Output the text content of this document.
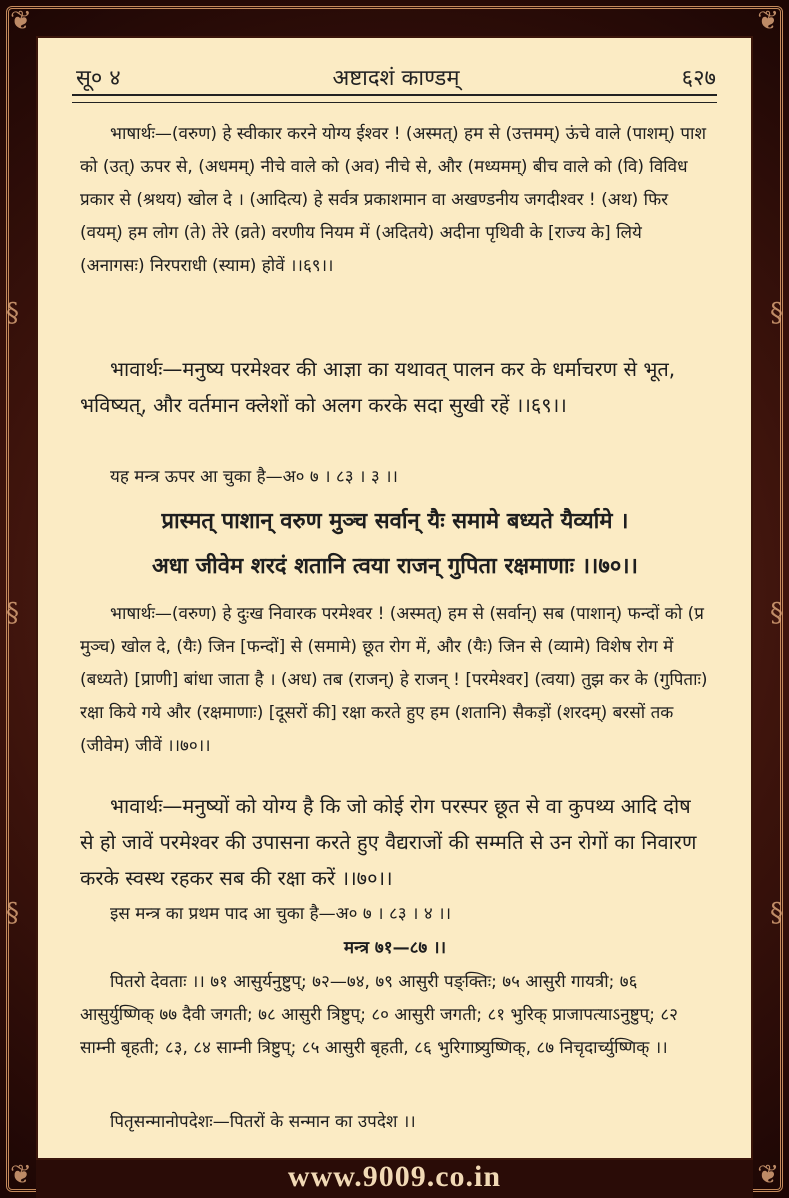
❦	❦
❦	❦
§
§
§
§
§
§
सू० ४	अष्टादशं काण्डम्	६२७

भाषार्थः—(वरुण) हे स्वीकार करने योग्य ईश्वर ! (अस्मत्) हम से (उत्तमम्) ऊंचे वाले (पाशम्) पाश को (उत्) ऊपर से, (अधमम्) नीचे वाले को (अव) नीचे से, और (मध्यमम्) बीच वाले को (वि) विविध प्रकार से (श्रथय) खोल दे । (आदित्य) हे सर्वत्र प्रकाशमान वा अखण्डनीय जगदीश्वर ! (अथ) फिर (वयम्) हम लोग (ते) तेरे (व्रते) वरणीय नियम में (अदितये) अदीना पृथिवी के [राज्य के] लिये (अनागसः) निरपराधी (स्याम) होवें ।।६९।।

भावार्थः—मनुष्य परमेश्वर की आज्ञा का यथावत् पालन कर के धर्माचरण से भूत, भविष्यत्, और वर्तमान क्लेशों को अलग करके सदा सुखी रहें ।।६९।।

यह मन्त्र ऊपर आ चुका है—अ० ७ । ८३ । ३ ।।

प्रास्मत् पाशान् वरुण मुञ्च सर्वान् यैः समामे बध्यते यैर्व्यामे ।

अधा जीवेम शरदं शतानि त्वया राजन् गुपिता रक्षमाणाः ।।७०।।

भाषार्थः—(वरुण) हे दुःख निवारक परमेश्वर ! (अस्मत्) हम से (सर्वान्) सब (पाशान्) फन्दों को (प्र मुञ्च) खोल दे, (यैः) जिन [फन्दों] से (समामे) छूत रोग में, और (यैः) जिन से (व्यामे) विशेष रोग में (बध्यते) [प्राणी] बांधा जाता है । (अध) तब (राजन्) हे राजन् ! [परमेश्वर] (त्वया) तुझ कर के (गुपिताः) रक्षा किये गये और (रक्षमाणाः) [दूसरों की] रक्षा करते हुए हम (शतानि) सैकड़ों (शरदम्) बरसों तक (जीवेम) जीवें ।।७०।।

भावार्थः—मनुष्यों को योग्य है कि जो कोई रोग परस्पर छूत से वा कुपथ्य आदि दोष से हो जावें परमेश्वर की उपासना करते हुए वैद्यराजों की सम्मति से उन रोगों का निवारण करके स्वस्थ रहकर सब की रक्षा करें ।।७०।।

इस मन्त्र का प्रथम पाद आ चुका है—अ० ७ । ८३ । ४ ।।

मन्त्र ७१—८७ ।।

पितरो देवताः ।। ७१ आसुर्यनुष्टुप्; ७२—७४, ७९ आसुरी पङ्क्तिः; ७५ आसुरी गायत्री; ७६ आसुर्युष्णिक् ७७ दैवी जगती; ७८ आसुरी त्रिष्टुप्; ८० आसुरी जगती; ८१ भुरिक् प्राजापत्याऽनुष्टुप्; ८२ साम्नी बृहती; ८३, ८४ साम्नी त्रिष्टुप्; ८५ आसुरी बृहती, ८६ भुरिगाष्र्युष्णिक्, ८७ निचृदार्च्युष्णिक् ।।

पितृसन्मानोपदेशः—पितरों के सन्मान का उपदेश ।।

www.9009.co.in
